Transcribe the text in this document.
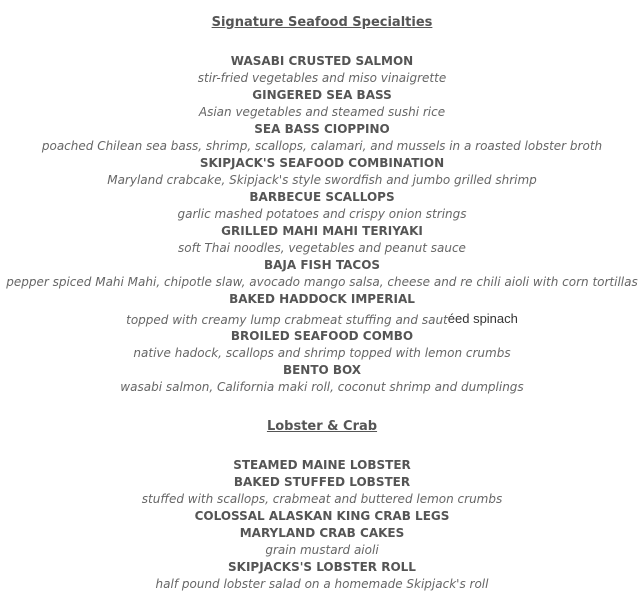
Signature Seafood Specialties
WASABI CRUSTED SALMON
stir-fried vegetables and miso vinaigrette
GINGERED SEA BASS
Asian vegetables and steamed sushi rice
SEA BASS CIOPPINO
poached Chilean sea bass, shrimp, scallops, calamari, and mussels in a roasted lobster broth
SKIPJACK'S SEAFOOD COMBINATION
Maryland crabcake, Skipjack's style swordfish and jumbo grilled shrimp
BARBECUE SCALLOPS
garlic mashed potatoes and crispy onion strings
GRILLED MAHI MAHI TERIYAKI
soft Thai noodles, vegetables and peanut sauce
BAJA FISH TACOS
pepper spiced Mahi Mahi, chipotle slaw, avocado mango salsa, cheese and re chili aioli with corn tortillas
BAKED HADDOCK IMPERIAL
topped with creamy lump crabmeat stuffing and sautéed spinach
BROILED SEAFOOD COMBO
native hadock, scallops and shrimp topped with lemon crumbs
BENTO BOX
wasabi salmon, California maki roll, coconut shrimp and dumplings
Lobster & Crab
STEAMED MAINE LOBSTER
BAKED STUFFED LOBSTER
stuffed with scallops, crabmeat and buttered lemon crumbs
COLOSSAL ALASKAN KING CRAB LEGS
MARYLAND CRAB CAKES
grain mustard aioli
SKIPJACKS'S LOBSTER ROLL
half pound lobster salad on a homemade Skipjack's roll
